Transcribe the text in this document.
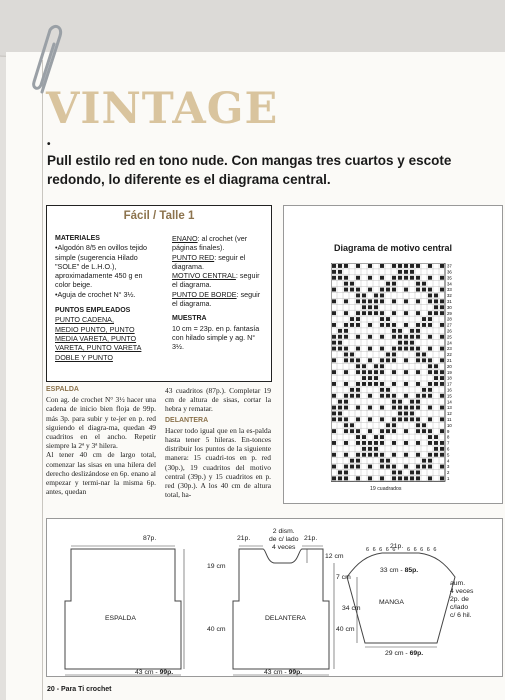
VINTAGE
•

Pull estilo red en tono nude. Con mangas tres cuartos y escote redondo, lo diferente es el diagrama central.

Fácil / Talle 1
MATERIALES

•Algodón 8/5 en ovillos tejido simple (sugerencia Hilado "SOLE" de L.H.O.), aproximadamente 450 g en color beige.

•Aguja de crochet N° 3½.

PUNTOS EMPLEADOS
PUNTO CADENA,
MEDIO PUNTO, PUNTO
MEDIA VARETA, PUNTO
VARETA, PUNTO VARETA
DOBLE Y PUNTO

ENANO: al crochet (ver páginas finales).

PUNTO RED: seguir el diagrama.

MOTIVO CENTRAL: seguir el diagrama.

PUNTO DE BORDE: seguir el diagrama.

MUESTRA

10 cm = 23p. en p. fantasía con hilado simple y ag. N° 3½.

ESPALDA

Con ag. de crochet N° 3½ hacer una cadena de inicio bien floja de 99p. más 3p. para subir y te-jer en p. red siguiendo el diagra-ma, quedan 49 cuadritos en el ancho. Repetir siempre la 2ª y 3ª hilera.

Al tener 40 cm de largo total, comenzar las sisas en una hilera del derecho deslizándose en 6p. enano al empezar y termi-nar la misma 6p. antes, quedan

43 cuadritos (87p.). Completar 19 cm de altura de sisas, cortar la hebra y rematar.

DELANTERA

Hacer todo igual que en la es-palda hasta tener 5 hileras. En-tonces distribuir los puntos de la siguiente manera: 15 cuadri-tos en p. red (30p.), 19 cuadritos del motivo central (39p.) y 15 cuadritos en p. red (30p.). A los 40 cm de altura total, ha-

Diagrama de motivo central
37
36
35
34
33
32
31
30
29
28
27
26
25
24
23
22
21
20
19
18
17
16
15
14
13
12
11
10
9
8
7
6
5
4
3
2
1
19 cuadrados
87p.
19 cm
40 cm
ESPALDA
43 cm - 99p.
21p.	21p.
2 dism.
de c/ lado
4 veces
12 cm
7 cm
40 cm
DELANTERA
43 cm - 99p.
6 6 6 6 6 6 6 6 6 6
21p.
33 cm - 85p.
MANGA
34 cm
aum.
4 veces
2p. de
c/lado
c/ 6 hil.
29 cm - 69p.
20 - Para Ti crochet
